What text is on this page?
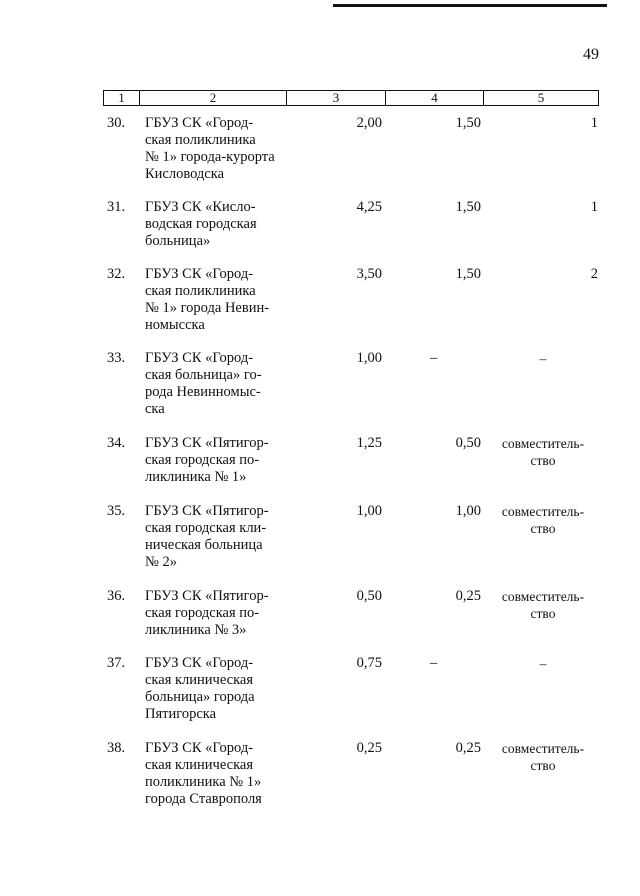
49
1	2	3	4	5
30.	ГБУЗ СК «Город-
ская поликлиника
№ 1» города-курорта
Кисловодска
2,00	1,50	1
31.	ГБУЗ СК «Кисло-
водская городская
больница»
4,25	1,50	1
32.	ГБУЗ СК «Город-
ская поликлиника
№ 1» города Невин-
номысска
3,50	1,50	2
33.	ГБУЗ СК «Город-
ская больница» го-
рода Невинномыс-
ска
1,00	–	–
34.	ГБУЗ СК «Пятигор-
ская городская по-
ликлиника № 1»
1,25	0,50	совместитель-
ство
35.	ГБУЗ СК «Пятигор-
ская городская кли-
ническая больница
№ 2»
1,00	1,00	совместитель-
ство
36.	ГБУЗ СК «Пятигор-
ская городская по-
ликлиника № 3»
0,50	0,25	совместитель-
ство
37.	ГБУЗ СК «Город-
ская клиническая
больница» города
Пятигорска
0,75	–	–
38.	ГБУЗ СК «Город-
ская клиническая
поликлиника № 1»
города Ставрополя
0,25	0,25	совместитель-
ство
